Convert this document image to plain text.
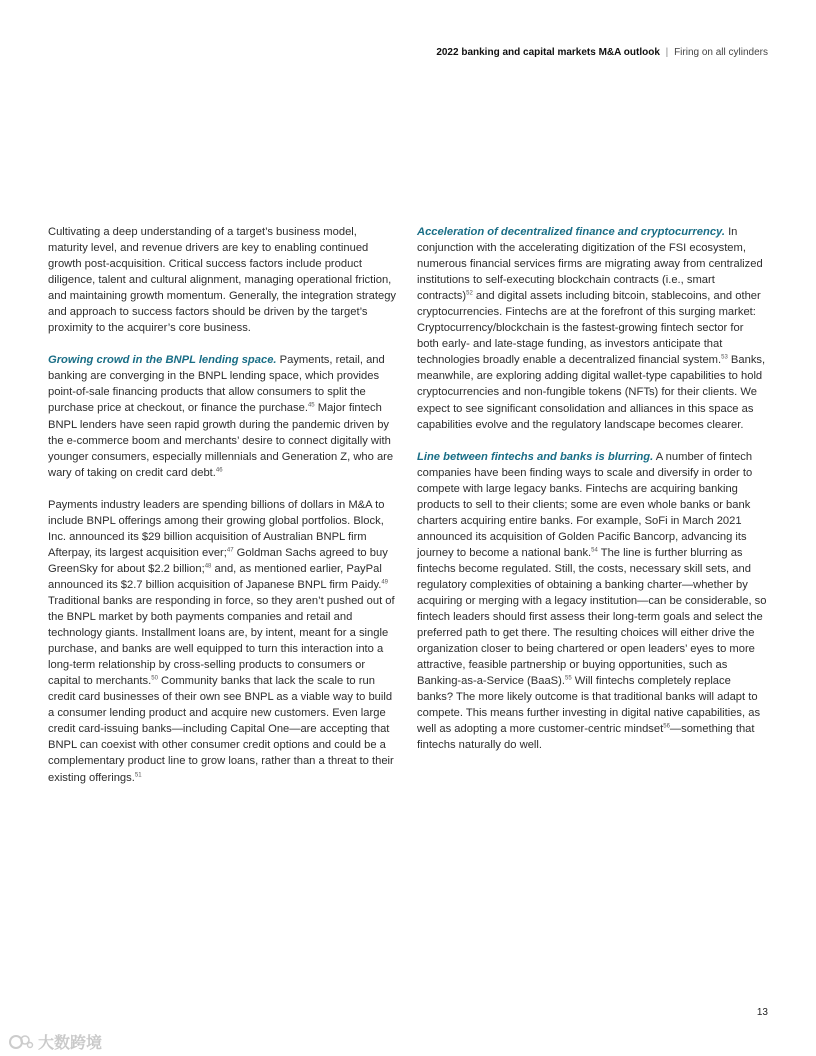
2022 banking and capital markets M&A outlook | Firing on all cylinders

Cultivating a deep understanding of a target’s business model, maturity level, and revenue drivers are key to enabling continued growth post-acquisition. Critical success factors include product diligence, talent and cultural alignment, managing operational friction, and maintaining growth momentum. Generally, the integration strategy and approach to success factors should be driven by the target’s proximity to the acquirer’s core business.

Growing crowd in the BNPL lending space. Payments, retail, and banking are converging in the BNPL lending space, which provides point-of-sale financing products that allow consumers to split the purchase price at checkout, or finance the purchase.$^{45}$ Major fintech BNPL lenders have seen rapid growth during the pandemic driven by the e-commerce boom and merchants’ desire to connect digitally with younger consumers, especially millennials and Generation Z, who are wary of taking on credit card debt.$^{46}$

Payments industry leaders are spending billions of dollars in M&A to include BNPL offerings among their growing global portfolios. Block, Inc. announced its $29 billion acquisition of Australian BNPL firm Afterpay, its largest acquisition ever;$^{47}$ Goldman Sachs agreed to buy GreenSky for about $2.2 billion;$^{48}$ and, as mentioned earlier, PayPal announced its $2.7 billion acquisition of Japanese BNPL firm Paidy.$^{49}$ Traditional banks are responding in force, so they aren’t pushed out of the BNPL market by both payments companies and retail and technology giants. Installment loans are, by intent, meant for a single purchase, and banks are well equipped to turn this interaction into a long-term relationship by cross-selling products to consumers or capital to merchants.$^{50}$ Community banks that lack the scale to run credit card businesses of their own see BNPL as a viable way to build a consumer lending product and acquire new customers. Even large credit card-issuing banks—including Capital One—are accepting that BNPL can coexist with other consumer credit options and could be a complementary product line to grow loans, rather than a threat to their existing offerings.$^{51}$

Acceleration of decentralized finance and cryptocurrency. In conjunction with the accelerating digitization of the FSI ecosystem, numerous financial services firms are migrating away from centralized institutions to self-executing blockchain contracts (i.e., smart contracts)$^{52}$ and digital assets including bitcoin, stablecoins, and other cryptocurrencies. Fintechs are at the forefront of this surging market: Cryptocurrency/blockchain is the fastest-growing fintech sector for both early- and late-stage funding, as investors anticipate that technologies broadly enable a decentralized financial system.$^{53}$ Banks, meanwhile, are exploring adding digital wallet-type capabilities to hold cryptocurrencies and non-fungible tokens (NFTs) for their clients. We expect to see significant consolidation and alliances in this space as capabilities evolve and the regulatory landscape becomes clearer.

Line between fintechs and banks is blurring. A number of fintech companies have been finding ways to scale and diversify in order to compete with large legacy banks. Fintechs are acquiring banking products to sell to their clients; some are even whole banks or bank charters acquiring entire banks. For example, SoFi in March 2021 announced its acquisition of Golden Pacific Bancorp, advancing its journey to become a national bank.$^{54}$ The line is further blurring as fintechs become regulated. Still, the costs, necessary skill sets, and regulatory complexities of obtaining a banking charter—whether by acquiring or merging with a legacy institution—can be considerable, so fintech leaders should first assess their long-term goals and select the preferred path to get there. The resulting choices will either drive the organization closer to being chartered or open leaders’ eyes to more attractive, feasible partnership or buying opportunities, such as Banking-as-a-Service (BaaS).$^{55}$ Will fintechs completely replace banks? The more likely outcome is that traditional banks will adapt to compete. This means further investing in digital native capabilities, as well as adopting a more customer-centric mindset$^{56}$—something that fintechs naturally do well.

13
大数跨境
